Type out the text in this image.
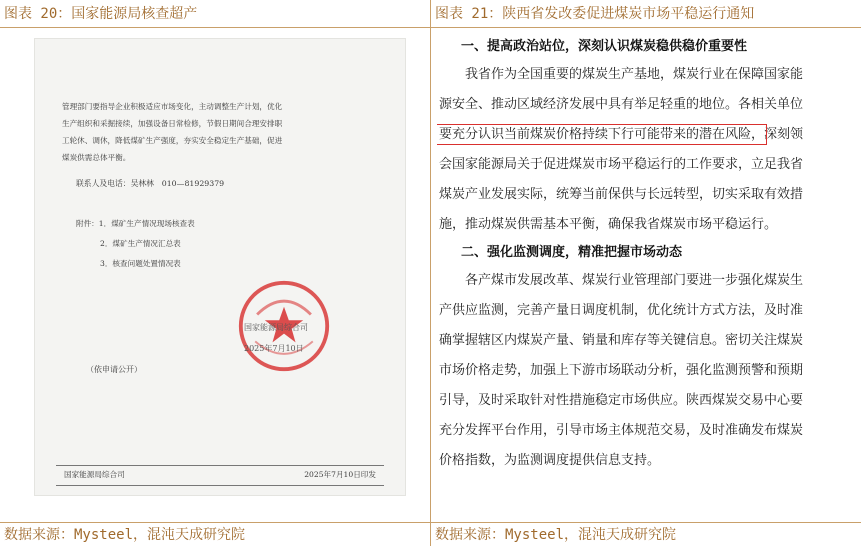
图表 20：国家能源局核查超产
管理部门要指导企业积极适应市场变化，主动调整生产计划，优化
生产组织和采掘接续，加强设备日常检修，节假日期间合理安排职
工轮休、调休，降低煤矿生产强度，夯实安全稳定生产基础，促进
煤炭供需总体平衡。
联系人及电话：吴林林　010—81929379
附件：1．煤矿生产情况现场核查表
2．煤矿生产情况汇总表
3．核查问题处置情况表
国家能源局综合司
2025年7月10日
（依申请公开）
国家能源局综合司	2025年7月10日印发
数据来源：Mysteel，混沌天成研究院
图表 21：陕西省发改委促进煤炭市场平稳运行通知
一、提高政治站位，深刻认识煤炭稳供稳价重要性
我省作为全国重要的煤炭生产基地，煤炭行业在保障国家能
源安全、推动区域经济发展中具有举足轻重的地位。各相关单位
要充分认识当前煤炭价格持续下行可能带来的潜在风险，深刻领
会国家能源局关于促进煤炭市场平稳运行的工作要求，立足我省
煤炭产业发展实际，统筹当前保供与长远转型，切实采取有效措
施，推动煤炭供需基本平衡，确保我省煤炭市场平稳运行。
二、强化监测调度，精准把握市场动态
各产煤市发展改革、煤炭行业管理部门要进一步强化煤炭生
产供应监测，完善产量日调度机制，优化统计方式方法，及时准
确掌握辖区内煤炭产量、销量和库存等关键信息。密切关注煤炭
市场价格走势，加强上下游市场联动分析，强化监测预警和预期
引导，及时采取针对性措施稳定市场供应。陕西煤炭交易中心要
充分发挥平台作用，引导市场主体规范交易，及时准确发布煤炭
价格指数，为监测调度提供信息支持。
数据来源：Mysteel，混沌天成研究院
